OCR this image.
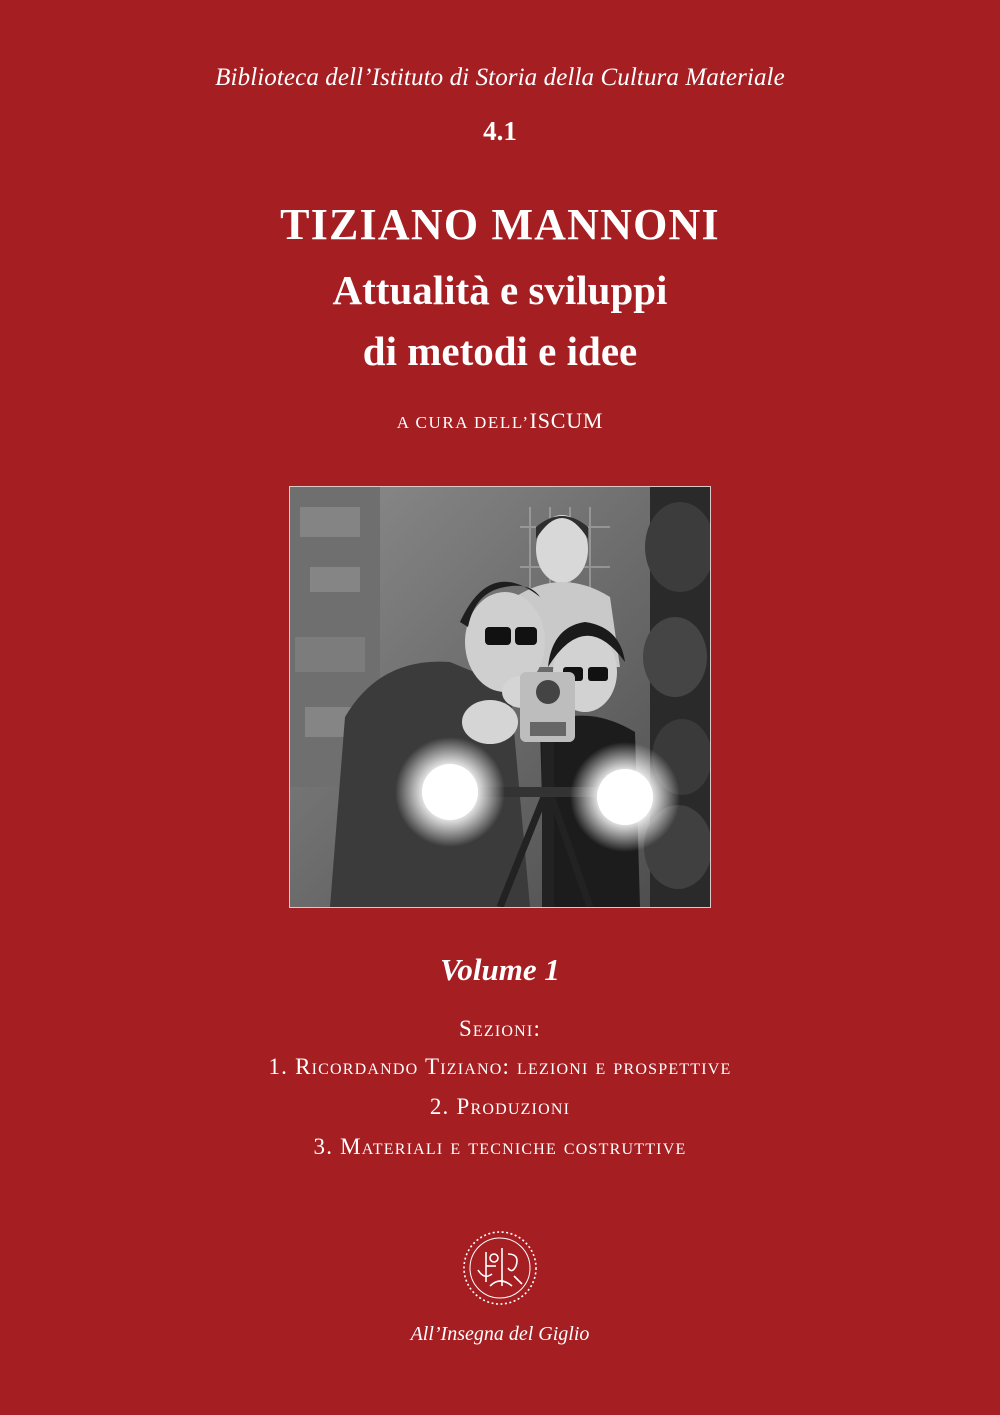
Biblioteca dell’Istituto di Storia della Cultura Materiale
4.1
TIZIANO MANNONI
Attualità e sviluppi
di metodi e idee
A CURA DELL’ISCUM
Volume 1
Sezioni:
1. Ricordando Tiziano: lezioni e prospettive
2. Produzioni
3. Materiali e tecniche costruttive
All’Insegna del Giglio
